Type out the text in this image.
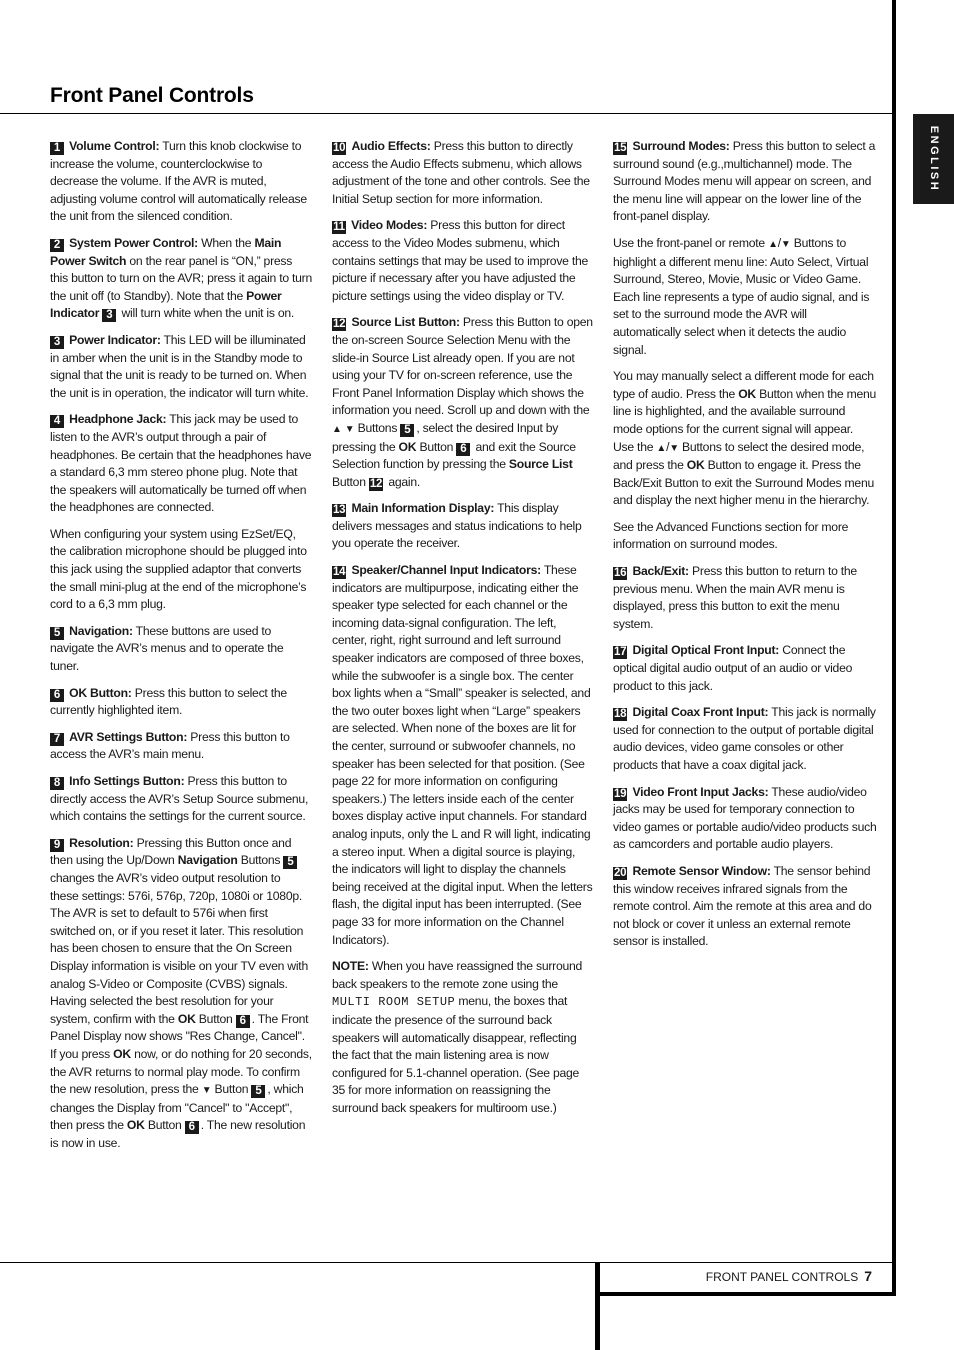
Front Panel Controls
ENGLISH

1 Volume Control: Turn this knob clockwise to increase the volume, counterclockwise to decrease the volume. If the AVR is muted, adjusting volume control will automatically release the unit from the silenced condition.

2 System Power Control: When the Main Power Switch on the rear panel is “ON,” press this button to turn on the AVR; press it again to turn the unit off (to Standby). Note that the Power Indicator 3 will turn white when the unit is on.

3 Power Indicator: This LED will be illuminated in amber when the unit is in the Standby mode to signal that the unit is ready to be turned on. When the unit is in operation, the indicator will turn white.

4 Headphone Jack: This jack may be used to listen to the AVR’s output through a pair of headphones. Be certain that the headphones have a standard 6,3 mm stereo phone plug. Note that the speakers will automatically be turned off when the headphones are connected.

When configuring your system using EzSet/EQ, the calibration microphone should be plugged into this jack using the supplied adaptor that converts the small mini-plug at the end of the microphone’s cord to a 6,3 mm plug.

5 Navigation: These buttons are used to navigate the AVR’s menus and to operate the tuner.

6 OK Button: Press this button to select the currently highlighted item.

7 AVR Settings Button: Press this button to access the AVR’s main menu.

8 Info Settings Button: Press this button to directly access the AVR’s Setup Source submenu, which contains the settings for the current source.

9 Resolution: Pressing this Button once and then using the Up/Down Navigation Buttons 5 changes the AVR’s video output resolution to these settings: 576i, 576p, 720p, 1080i or 1080p. The AVR is set to default to 576i when first switched on, or if you reset it later. This resolution has been chosen to ensure that the On Screen Display information is visible on your TV even with analog S-Video or Composite (CVBS) signals. Having selected the best resolution for your system, confirm with the OK Button 6 . The Front Panel Display now shows "Res Change, Cancel". If you press OK now, or do nothing for 20 seconds, the AVR returns to normal play mode. To confirm the new resolution, press the ▼ Button 5 , which changes the Display from "Cancel" to "Accept", then press the OK Button 6 . The new resolution is now in use.

10 Audio Effects: Press this button to directly access the Audio Effects submenu, which allows adjustment of the tone and other controls. See the Initial Setup section for more information.

11 Video Modes: Press this button for direct access to the Video Modes submenu, which contains settings that may be used to improve the picture if necessary after you have adjusted the picture settings using the video display or TV.

12 Source List Button: Press this Button to open the on-screen Source Selection Menu with the slide-in Source List already open. If you are not using your TV for on-screen reference, use the Front Panel Information Display which shows the information you need. Scroll up and down with the ▲ ▼ Buttons 5 , select the desired Input by pressing the OK Button 6 and exit the Source Selection function by pressing the Source List Button 12 again.

13 Main Information Display: This display delivers messages and status indications to help you operate the receiver.

14 Speaker/Channel Input Indicators: These indicators are multipurpose, indicating either the speaker type selected for each channel or the incoming data-signal configuration. The left, center, right, right surround and left surround speaker indicators are composed of three boxes, while the subwoofer is a single box. The center box lights when a “Small” speaker is selected, and the two outer boxes light when “Large” speakers are selected. When none of the boxes are lit for the center, surround or subwoofer channels, no speaker has been selected for that position. (See page 22 for more information on configuring speakers.) The letters inside each of the center boxes display active input channels. For standard analog inputs, only the L and R will light, indicating a stereo input. When a digital source is playing, the indicators will light to display the channels being received at the digital input. When the letters flash, the digital input has been interrupted. (See page 33 for more information on the Channel Indicators).

NOTE: When you have reassigned the surround back speakers to the remote zone using the MULTI ROOM SETUP menu, the boxes that indicate the presence of the surround back speakers will automatically disappear, reflecting the fact that the main listening area is now configured for 5.1-channel operation. (See page 35 for more information on reassigning the surround back speakers for multiroom use.)

15 Surround Modes: Press this button to select a surround sound (e.g.,multichannel) mode. The Surround Modes menu will appear on screen, and the menu line will appear on the lower line of the front-panel display.

Use the front-panel or remote ▲/▼ Buttons to highlight a different menu line: Auto Select, Virtual Surround, Stereo, Movie, Music or Video Game. Each line represents a type of audio signal, and is set to the surround mode the AVR will automatically select when it detects the audio signal.

You may manually select a different mode for each type of audio. Press the OK Button when the menu line is highlighted, and the available surround mode options for the current signal will appear. Use the ▲/▼ Buttons to select the desired mode, and press the OK Button to engage it. Press the Back/Exit Button to exit the Surround Modes menu and display the next higher menu in the hierarchy.

See the Advanced Functions section for more information on surround modes.

16 Back/Exit: Press this button to return to the previous menu. When the main AVR menu is displayed, press this button to exit the menu system.

17 Digital Optical Front Input: Connect the optical digital audio output of an audio or video product to this jack.

18 Digital Coax Front Input: This jack is normally used for connection to the output of portable digital audio devices, video game consoles or other products that have a coax digital jack.

19 Video Front Input Jacks: These audio/video jacks may be used for temporary connection to video games or portable audio/video products such as camcorders and portable audio players.

20 Remote Sensor Window: The sensor behind this window receives infrared signals from the remote control. Aim the remote at this area and do not block or cover it unless an external remote sensor is installed.

FRONT PANEL CONTROLS 7
